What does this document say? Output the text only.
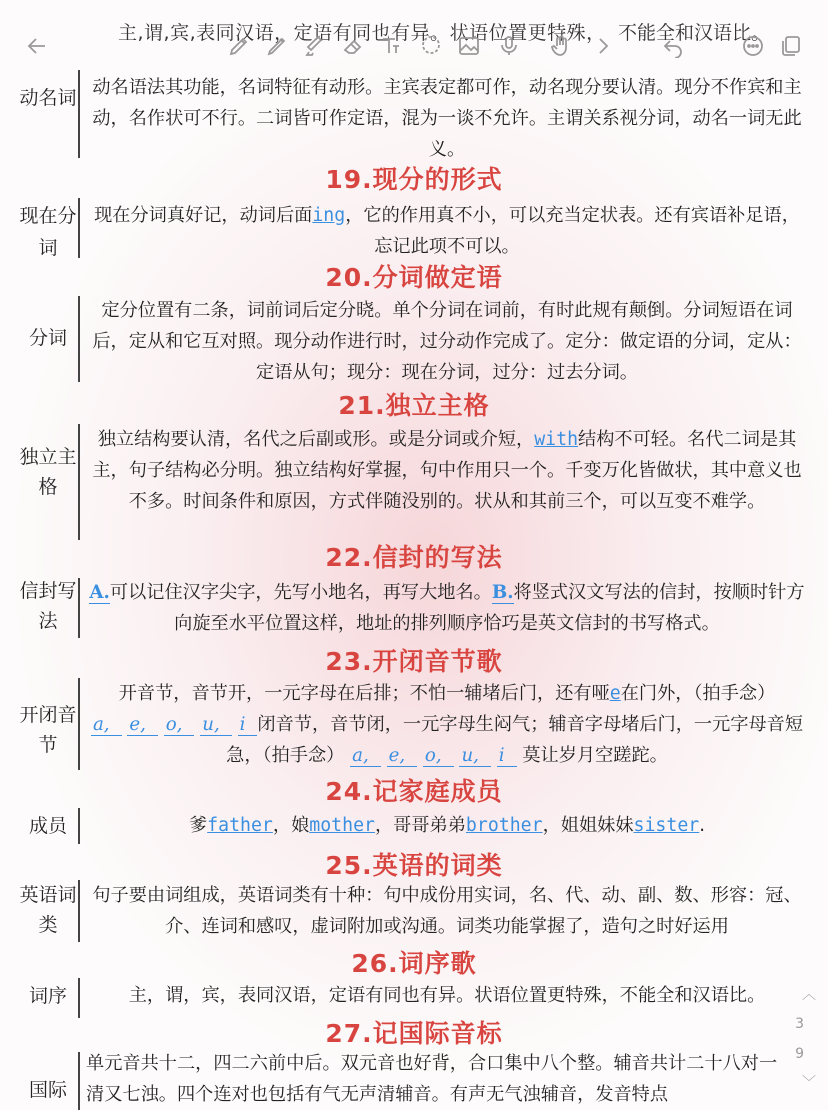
主,谓,宾,表同汉语，定语有同也有异。状语位置更特殊， 不能全和汉语比。
动名词 动名语法其功能，名词特征有动形。主宾表定都可作，动名现分要认清。现分不作宾和主动，名作状可不行。二词皆可作定语，混为一谈不允许。主谓关系视分词，动名一词无此义。
19.现分的形式
现在分词
现在分词真好记，动词后面ing，它的作用真不小，可以充当定状表。还有宾语补足语，忘记此项不可以。
20.分词做定语
分词
定分位置有二条，词前词后定分晓。单个分词在词前，有时此规有颠倒。分词短语在词后，定从和它互对照。现分动作进行时，过分动作完成了。定分：做定语的分词，定从：定语从句；现分：现在分词，过分：过去分词。
21.独立主格
独立主格
独立结构要认清，名代之后副或形。或是分词或介短，with结构不可轻。名代二词是其主，句子结构必分明。独立结构好掌握，句中作用只一个。千变万化皆做状，其中意义也不多。时间条件和原因，方式伴随没别的。状从和其前三个，可以互变不难学。
22.信封的写法
信封写法
A.可以记住汉字尖字，先写小地名，再写大地名。B.将竖式汉文写法的信封，按顺时针方向旋至水平位置这样，地址的排列顺序恰巧是英文信封的书写格式。
23.开闭音节歌
开闭音节
开音节，音节开，一元字母在后排；不怕一辅堵后门，还有哑e在门外，（拍手念）
a, e, o, u, i 闭音节，音节闭，一元字母生闷气；辅音字母堵后门，一元字母音短急，（拍手念） a, e, o, u, i 莫让岁月空蹉跎。
24.记家庭成员
成员	爹father，娘mother，哥哥弟弟brother，姐姐妹妹sister.
25.英语的词类
英语词类
句子要由词组成，英语词类有十种：句中成份用实词，名、代、动、副、数、形容：冠、介、连词和感叹，虚词附加或沟通。词类功能掌握了，造句之时好运用
26.词序歌
词序	主，谓，宾，表同汉语，定语有同也有异。状语位置更特殊，不能全和汉语比。
27.记国际音标
国际
单元音共十二，四二六前中后。双元音也好背，合口集中八个整。辅音共计二十八对一清又七浊。四个连对也包括有气无声清辅音。有声无气浊辅音，发音特点
︿
3
9
﹀
